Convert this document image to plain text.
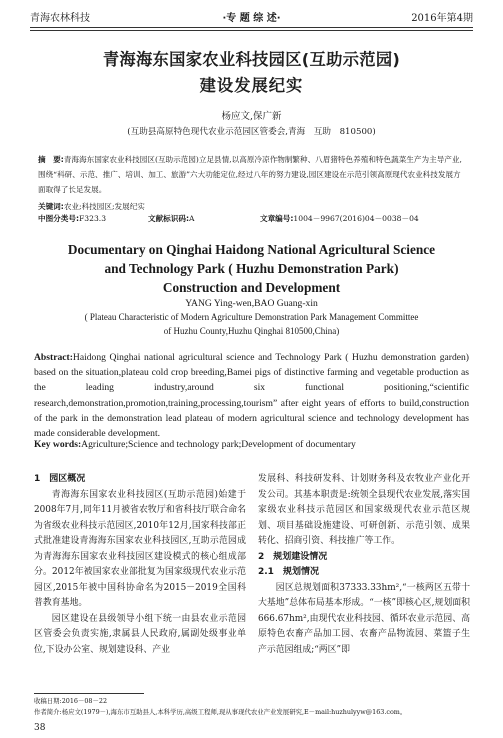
青海农林科技	·专 题 综 述·	2016年第4期
青海海东国家农业科技园区(互助示范园)
建设发展纪实
杨应文,保广新
(互助县高原特色现代农业示范园区管委会,青海　互助　810500)
摘　要:青海海东国家农业科技园区(互助示范园)立足县情,以高原冷凉作物制繁种、八眉猪特色养殖和特色蔬菜生产为主导产业,围绕“科研、示范、推广、培训、加工、旅游”六大功能定位,经过八年的努力建设,园区建设在示范引领高原现代农业科技发展方面取得了长足发展。
关键词:农业;科技园区;发展纪实
中图分类号:F323.3	文献标识码:A	文章编号:1004－9967(2016)04－0038－04
Documentary on Qinghai Haidong National Agricultural Science
and Technology Park ( Huzhu Demonstration Park)
Construction and Development
YANG Ying-wen,BAO Guang-xin
( Plateau Characteristic of Modern Agriculture Demonstration Park Management Committee
of Huzhu County,Huzhu Qinghai 810500,China)
Abstract:Haidong Qinghai national agricultural science and Technology Park ( Huzhu demonstration garden) based on the situation,plateau cold crop breeding,Bamei pigs of distinctive farming and vegetable production as the leading industry,around six functional positioning,“scientific research,demonstration,promotion,training,processing,tourism” after eight years of efforts to build,construction of the park in the demonstration lead plateau of modern agricultural science and technology development has made considerable development.
Key words:Agriculture;Science and technology park;Development of documentary
1　园区概况

青海海东国家农业科技园区(互助示范园)始建于2008年7月,同年11月被省农牧厅和省科技厅联合命名为省级农业科技示范园区,2010年12月,国家科技部正式批准建设青海海东国家农业科技园区,互助示范园成为青海海东国家农业科技园区建设模式的核心组成部分。2012年被国家农业部批复为国家级现代农业示范园区,2015年被中国科协命名为2015－2019全国科普教育基地。

园区建设在县级领导小组下统一由县农业示范园区管委会负责实施,隶属县人民政府,属副处级事业单位,下设办公室、规划建设科、产业

发展科、科技研发科、计划财务科及农牧业产业化开发公司。其基本职责是:统领全县现代农业发展,落实国家级农业科技示范园区和国家级现代农业示范区规划、项目基础设施建设、可研创新、示范引领、成果转化、招商引资、科技推广等工作。

2　规划建设情况
2.1　规划情况

园区总规划面积37333.33hm²,“一核两区五带十大基地”总体布局基本形成。“一核”即核心区,规划面积666.67hm²,由现代农业科技园、循环农业示范园、高原特色农畜产品加工园、农畜产品物流园、菜篮子生产示范园组成;“两区”即

收稿日期:2016－08－22
作者简介:杨应文(1979－),海东市互助县人,本科学历,高级工程师,现从事现代农业产业发展研究,E－mail:huzhulyyw@163.com。
38
